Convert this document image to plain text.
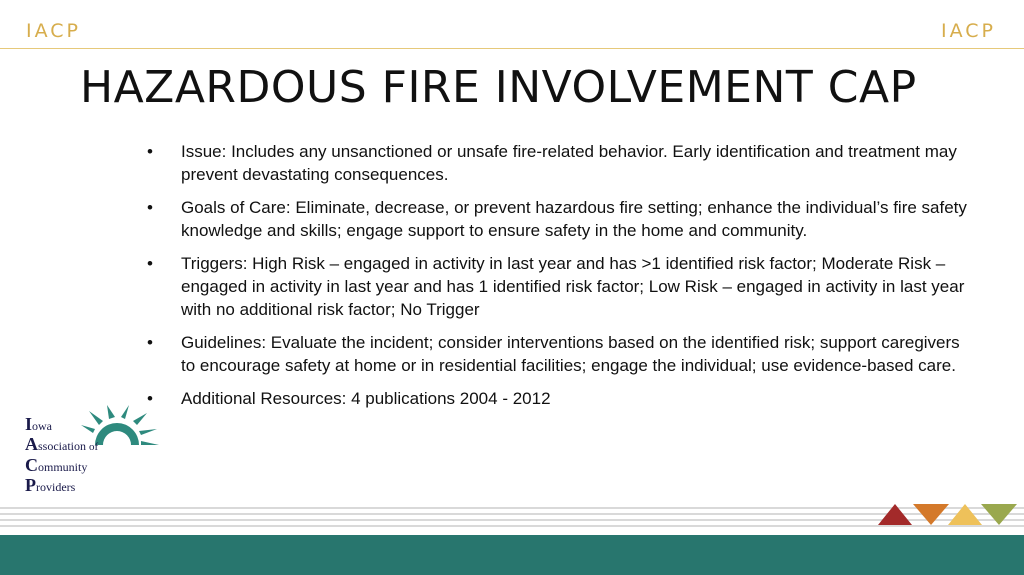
IACP	IACP
HAZARDOUS FIRE INVOLVEMENT CAP
•	Issue: Includes any unsanctioned or unsafe fire-related behavior. Early identification and treatment may prevent devastating consequences.
•	Goals of Care: Eliminate, decrease, or prevent hazardous fire setting; enhance the individual’s fire safety knowledge and skills; engage support to ensure safety in the home and community.
•	Triggers: High Risk – engaged in activity in last year and has >1 identified risk factor; Moderate Risk – engaged in activity in last year and has 1 identified risk factor; Low Risk – engaged in activity in last year with no additional risk factor; No Trigger
•	Guidelines: Evaluate the incident; consider interventions based on the identified risk; support caregivers to encourage safety at home or in residential facilities; engage the individual; use evidence-based care.
•	Additional Resources: 4 publications 2004 - 2012
Iowa
Association of
Community
Providers
